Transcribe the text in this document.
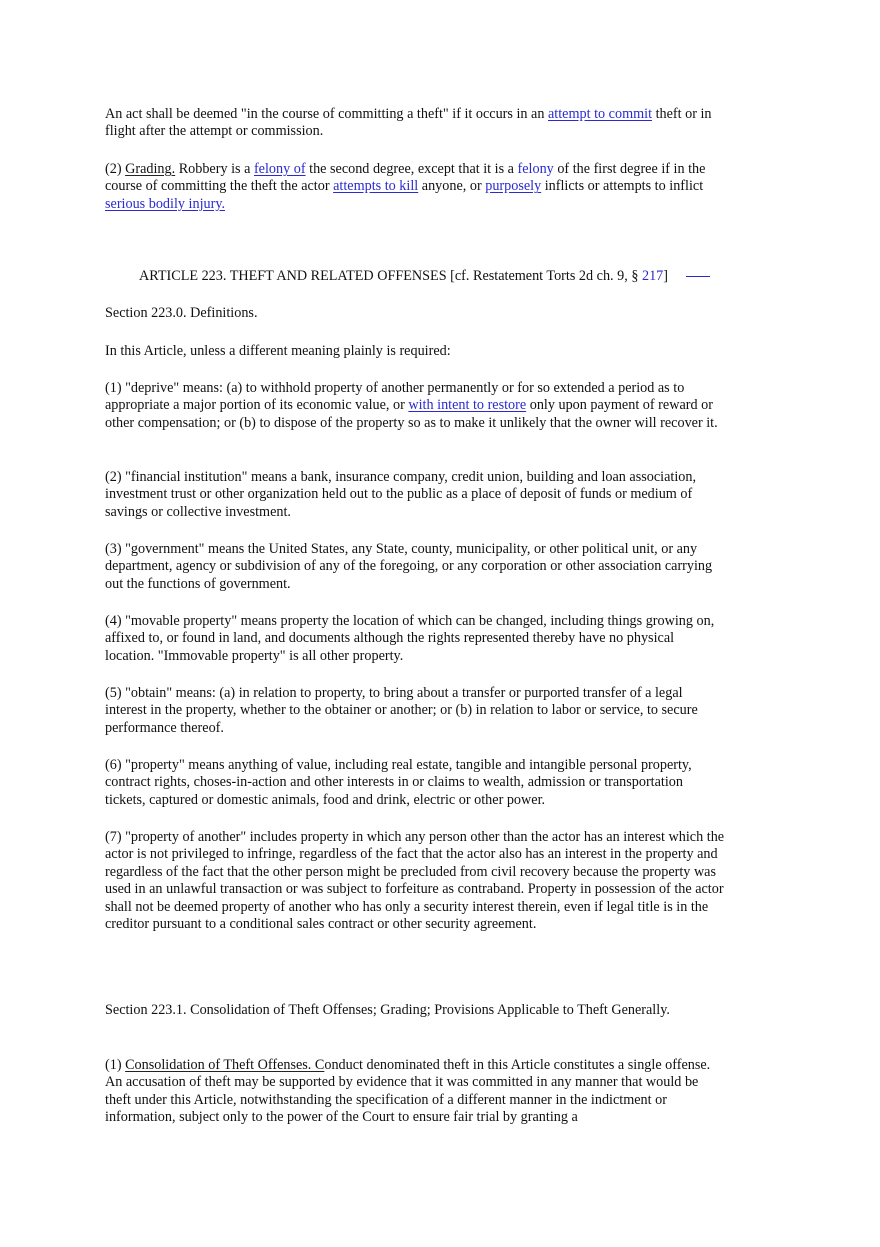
An act shall be deemed "in the course of committing a theft" if it occurs in an attempt to commit theft or in flight after the attempt or commission.

(2) Grading. Robbery is a felony of the second degree, except that it is a felony of the first degree if in the course of committing the theft the actor attempts to kill anyone, or purposely inflicts or attempts to inflict serious bodily injury.

ARTICLE 223. THEFT AND RELATED OFFENSES [cf. Restatement Torts 2d ch. 9, § 217]

Section 223.0. Definitions.

In this Article, unless a different meaning plainly is required:

(1) "deprive" means: (a) to withhold property of another permanently or for so extended a period as to appropriate a major portion of its economic value, or with intent to restore only upon payment of reward or other compensation; or (b) to dispose of the property so as to make it unlikely that the owner will recover it.

(2) "financial institution" means a bank, insurance company, credit union, building and loan association, investment trust or other organization held out to the public as a place of deposit of funds or medium of savings or collective investment.

(3) "government" means the United States, any State, county, municipality, or other political unit, or any department, agency or subdivision of any of the foregoing, or any corporation or other association carrying out the functions of government.

(4) "movable property" means property the location of which can be changed, including things growing on, affixed to, or found in land, and documents although the rights represented thereby have no physical location. "Immovable property" is all other property.

(5) "obtain" means: (a) in relation to property, to bring about a transfer or purported transfer of a legal interest in the property, whether to the obtainer or another; or (b) in relation to labor or service, to secure performance thereof.

(6) "property" means anything of value, including real estate, tangible and intangible personal property, contract rights, choses-in-action and other interests in or claims to wealth, admission or transportation tickets, captured or domestic animals, food and drink, electric or other power.

(7) "property of another" includes property in which any person other than the actor has an interest which the actor is not privileged to infringe, regardless of the fact that the actor also has an interest in the property and regardless of the fact that the other person might be precluded from civil recovery because the property was used in an unlawful transaction or was subject to forfeiture as contraband. Property in possession of the actor shall not be deemed property of another who has only a security interest therein, even if legal title is in the creditor pursuant to a conditional sales contract or other security agreement.

Section 223.1. Consolidation of Theft Offenses; Grading; Provisions Applicable to Theft Generally.

(1) Consolidation of Theft Offenses. Conduct denominated theft in this Article constitutes a single offense. An accusation of theft may be supported by evidence that it was committed in any manner that would be theft under this Article, notwithstanding the specification of a different manner in the indictment or information, subject only to the power of the Court to ensure fair trial by granting a
